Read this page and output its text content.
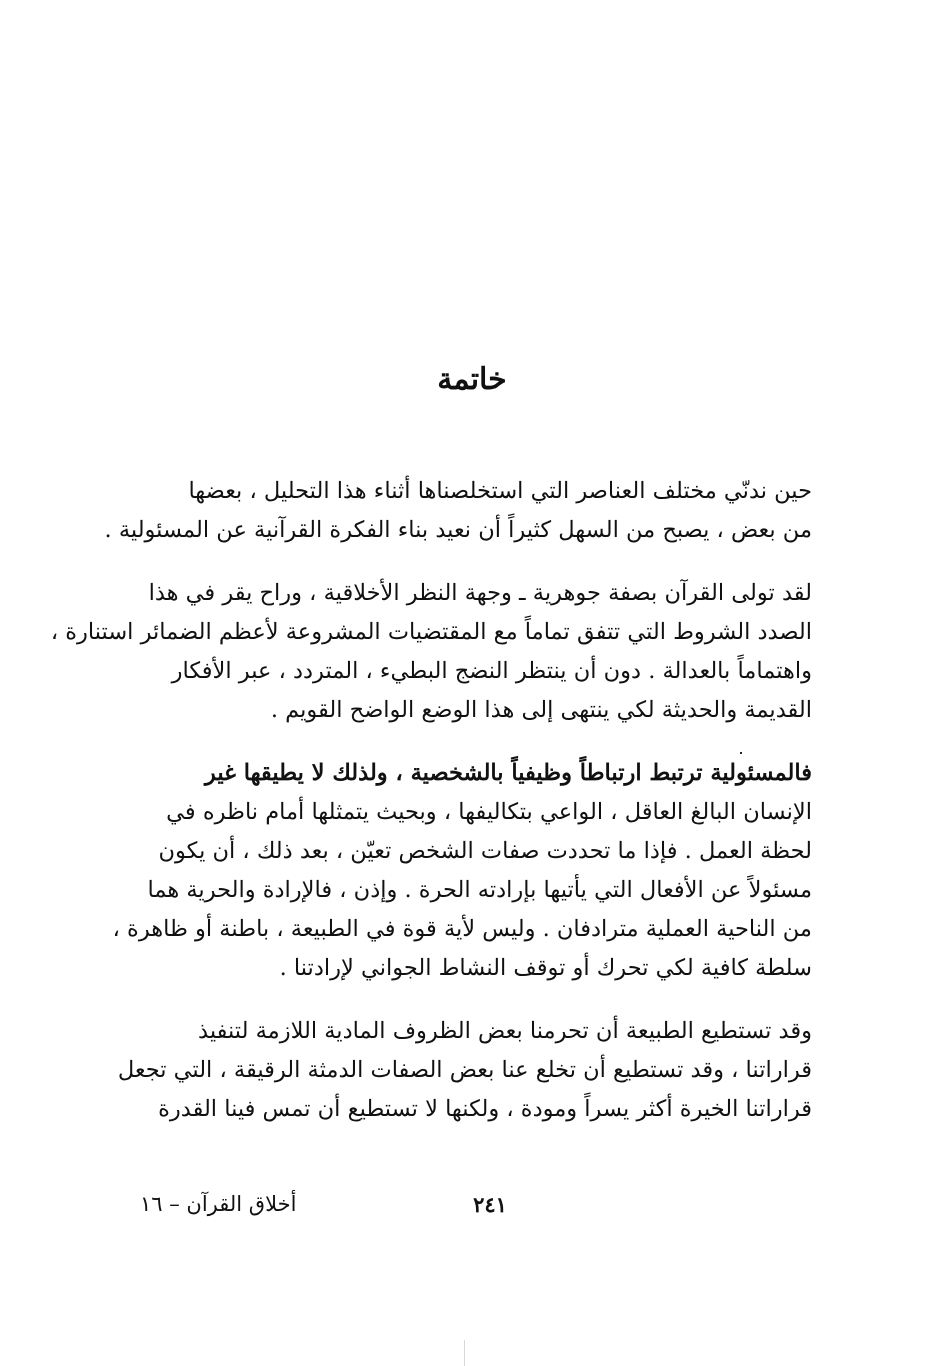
خاتمة

حين ندنّي مختلف العناصر التي استخلصناها أثناء هذا التحليل ، بعضها
من بعض ، يصبح من السهل كثيراً أن نعيد بناء الفكرة القرآنية عن المسئولية .

لقد تولى القرآن بصفة جوهرية ـ وجهة النظر الأخلاقية ، وراح يقر في هذا
الصدد الشروط التي تتفق تماماً مع المقتضيات المشروعة لأعظم الضمائر استنارة ،
واهتماماً بالعدالة . دون أن ينتظر النضج البطيء ، المتردد ، عبر الأفكار
القديمة والحديثة لكي ينتهى إلى هذا الوضع الواضح القويم .

فالمسئولية ترتبط ارتباطاً وظيفياً بالشخصية ، ولذلك لا يطيقها غير
الإنسان البالغ العاقل ، الواعي بتكاليفها ، وبحيث يتمثلها أمام ناظره في
لحظة العمل . فإذا ما تحددت صفات الشخص تعيّن ، بعد ذلك ، أن يكون
مسئولاً عن الأفعال التي يأتيها بإرادته الحرة . وإذن ، فالإرادة والحرية هما
من الناحية العملية مترادفان . وليس لأية قوة في الطبيعة ، باطنة أو ظاهرة ،
سلطة كافية لكي تحرك أو توقف النشاط الجواني لإرادتنا .

وقد تستطيع الطبيعة أن تحرمنا بعض الظروف المادية اللازمة لتنفيذ
قراراتنا ، وقد تستطيع أن تخلع عنا بعض الصفات الدمثة الرقيقة ، التي تجعل
قراراتنا الخيرة أكثر يسراً ومودة ، ولكنها لا تستطيع أن تمس فينا القدرة

٢٤١
أخلاق القرآن – ١٦
